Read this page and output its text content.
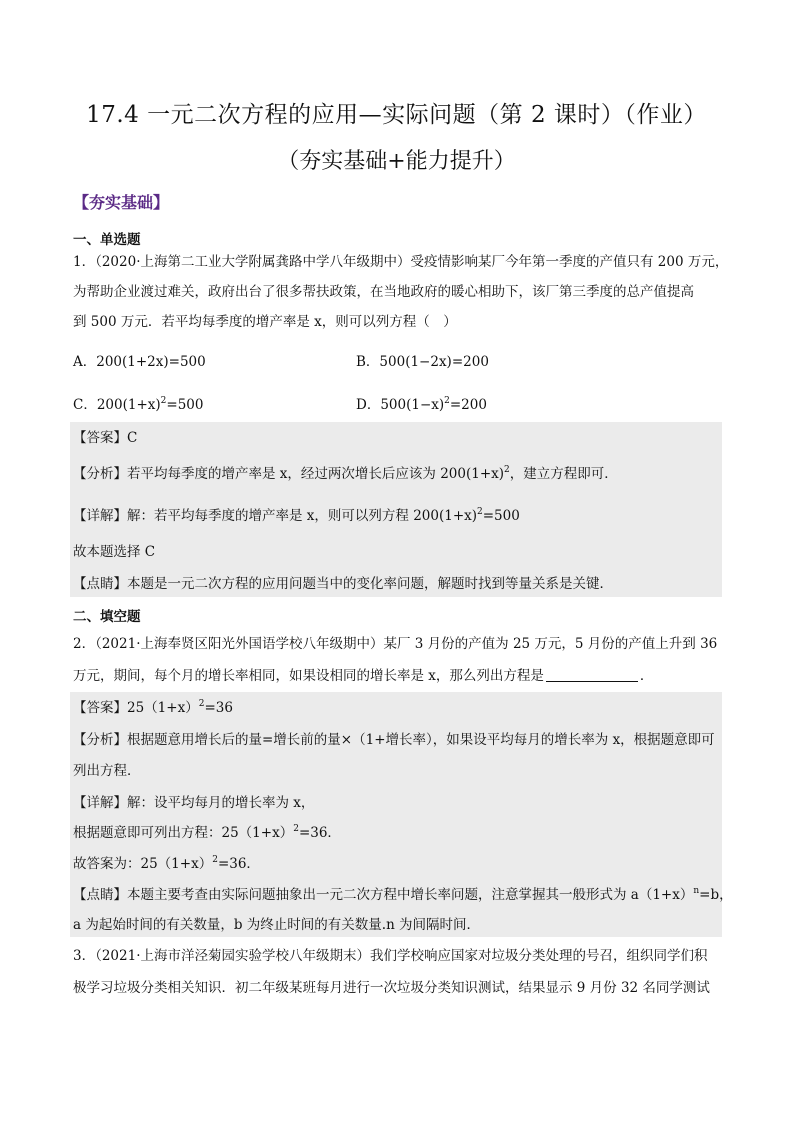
17.4 一元二次方程的应用—实际问题（第 2 课时）（作业）
（夯实基础+能力提升）
【夯实基础】
一、单选题
1．（2020·上海第二工业大学附属龚路中学八年级期中）受疫情影响某厂今年第一季度的产值只有 200 万元，
为帮助企业渡过难关，政府出台了很多帮扶政策，在当地政府的暖心相助下，该厂第三季度的总产值提高
到 500 万元．若平均每季度的增产率是 x，则可以列方程（　）
A．200(1+2x)=500	B．500(1−2x)=200
C．$200(1+x)^2=500$	D．$500(1-x)^2=200$
【答案】C
【分析】若平均每季度的增产率是 x，经过两次增长后应该为 $200(1+x)^2$，建立方程即可．
【详解】解：若平均每季度的增产率是 x，则可以列方程 $200(1+x)^2=500$
故本题选择 C
【点睛】本题是一元二次方程的应用问题当中的变化率问题，解题时找到等量关系是关键．
二、填空题
2．（2021·上海奉贤区阳光外国语学校八年级期中）某厂 3 月份的产值为 25 万元，5 月份的产值上升到 36
万元，期间，每个月的增长率相同，如果设相同的增长率是 x，那么列出方程是	．
【答案】$25(1+x)^2=36$
【分析】根据题意用增长后的量=增长前的量×（1+增长率），如果设平均每月的增长率为 x，根据题意即可
列出方程．
【详解】解：设平均每月的增长率为 x，
根据题意即可列出方程：$25(1+x)^2=36$．
故答案为：$25(1+x)^2=36$．
【点睛】本题主要考查由实际问题抽象出一元二次方程中增长率问题，注意掌握其一般形式为 $a(1+x)^n=b$，
a 为起始时间的有关数量，b 为终止时间的有关数量.n 为间隔时间．
3．（2021·上海市洋泾菊园实验学校八年级期末）我们学校响应国家对垃圾分类处理的号召，组织同学们积
极学习垃圾分类相关知识．初二年级某班每月进行一次垃圾分类知识测试，结果显示 9 月份 32 名同学测试
